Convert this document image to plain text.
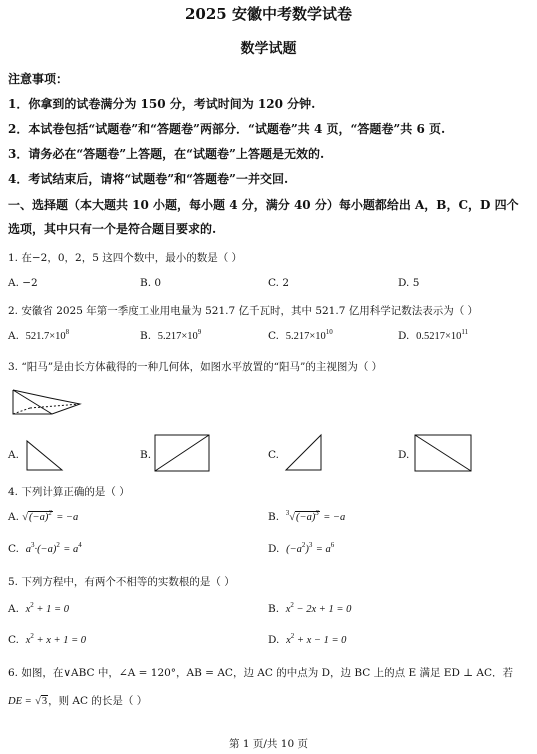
2025 安徽中考数学试卷
数学试题
注意事项：
1．你拿到的试卷满分为 150 分，考试时间为 120 分钟.
2．本试卷包括“试题卷”和“答题卷”两部分．“试题卷”共 4 页，“答题卷”共 6 页.
3．请务必在“答题卷”上答题，在“试题卷”上答题是无效的.
4．考试结束后，请将“试题卷”和“答题卷”一并交回.
一、选择题（本大题共 10 小题，每小题 4 分，满分 40 分）每小题都给出 A，B，C，D 四个
选项，其中只有一个是符合题目要求的.
1. 在−2，0，2，5 这四个数中，最小的数是（ ）
A. −2	B. 0	C. 2	D. 5
2. 安徽省 2025 年第一季度工业用电量为 521.7 亿千瓦时，其中 521.7 亿用科学记数法表示为（ ）
A. $521.7\times 10^8$	B. $5.217\times 10^9$	C. $5.217\times 10^{10}$	D. $0.5217\times 10^{11}$
3. “阳马”是由长方体截得的一种几何体，如图水平放置的“阳马”的主视图为（ ）
A.	B.	C.	D.
4. 下列计算正确的是（ ）
A. $√(-a)^2 = -a$	B. $^3√(-a)^3 = -a$
C. $a^3\cdot(-a)^2 = a^4$	D. $(-a^2)^3 = a^6$
5. 下列方程中，有两个不相等的实数根的是（ ）
A. $x^2 + 1 = 0$	B. $x^2 - 2x + 1 = 0$
C. $x^2 + x + 1 = 0$	D. $x^2 + x - 1 = 0$
6. 如图，在∨ABC 中，∠A = 120°，AB = AC，边 AC 的中点为 D，边 BC 上的点 E 满足 ED ⊥ AC．若
DE = √3，则 AC 的长是（ ）
第 1 页/共 10 页
